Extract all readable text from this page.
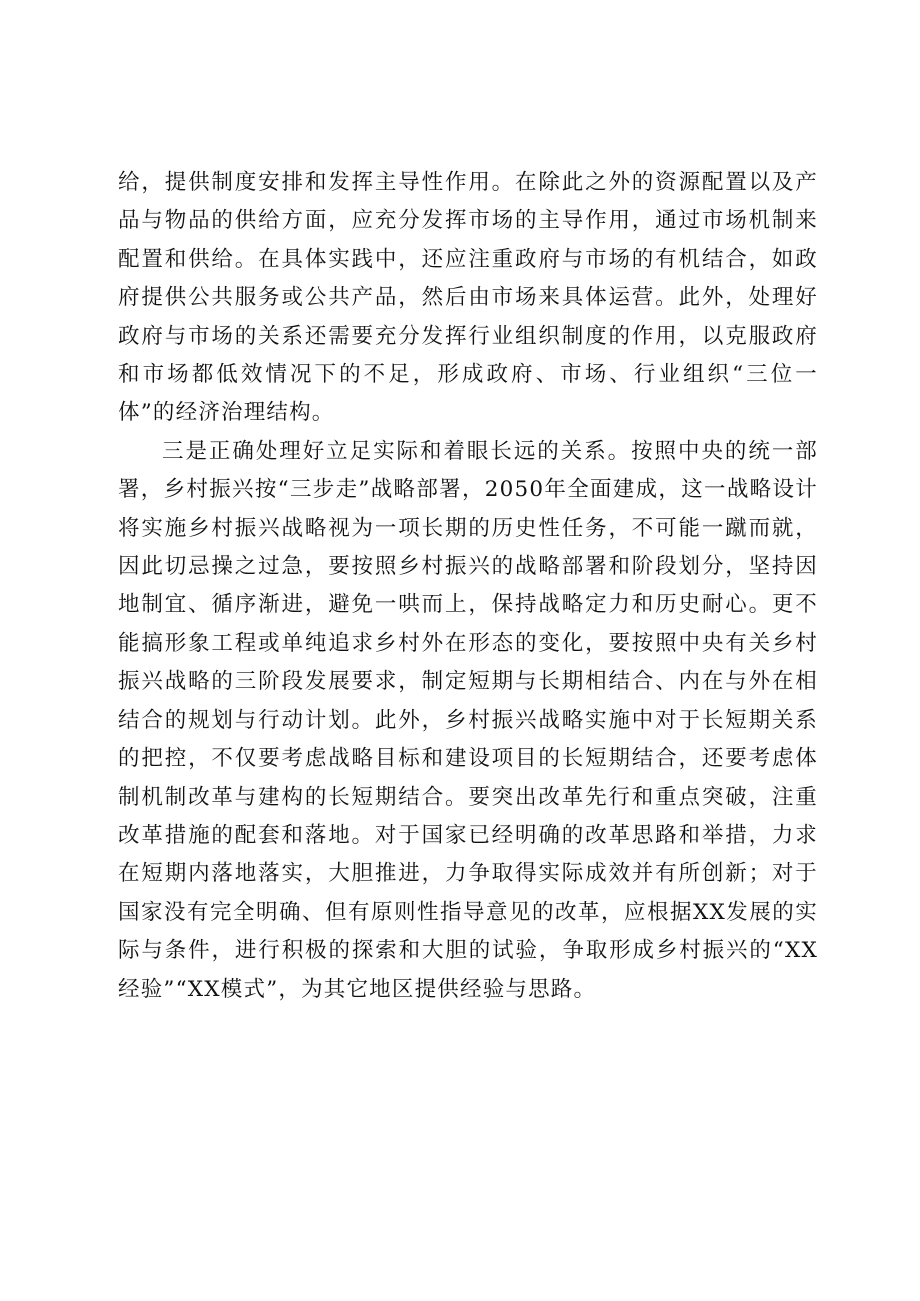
给，提供制度安排和发挥主导性作用。在除此之外的资源配置以及产品与物品的供给方面，应充分发挥市场的主导作用，通过市场机制来配置和供给。在具体实践中，还应注重政府与市场的有机结合，如政府提供公共服务或公共产品，然后由市场来具体运营。此外，处理好政府与市场的关系还需要充分发挥行业组织制度的作用，以克服政府和市场都低效情况下的不足，形成政府、市场、行业组织“三位一体”的经济治理结构。

三是正确处理好立足实际和着眼长远的关系。按照中央的统一部署，乡村振兴按“三步走”战略部署，2050年全面建成，这一战略设计将实施乡村振兴战略视为一项长期的历史性任务，不可能一蹴而就，因此切忌操之过急，要按照乡村振兴的战略部署和阶段划分，坚持因地制宜、循序渐进，避免一哄而上，保持战略定力和历史耐心。更不能搞形象工程或单纯追求乡村外在形态的变化，要按照中央有关乡村振兴战略的三阶段发展要求，制定短期与长期相结合、内在与外在相结合的规划与行动计划。此外，乡村振兴战略实施中对于长短期关系的把控，不仅要考虑战略目标和建设项目的长短期结合，还要考虑体制机制改革与建构的长短期结合。要突出改革先行和重点突破，注重改革措施的配套和落地。对于国家已经明确的改革思路和举措，力求在短期内落地落实，大胆推进，力争取得实际成效并有所创新；对于国家没有完全明确、但有原则性指导意见的改革，应根据XX发展的实际与条件，进行积极的探索和大胆的试验，争取形成乡村振兴的“XX经验”“XX模式”，为其它地区提供经验与思路。
